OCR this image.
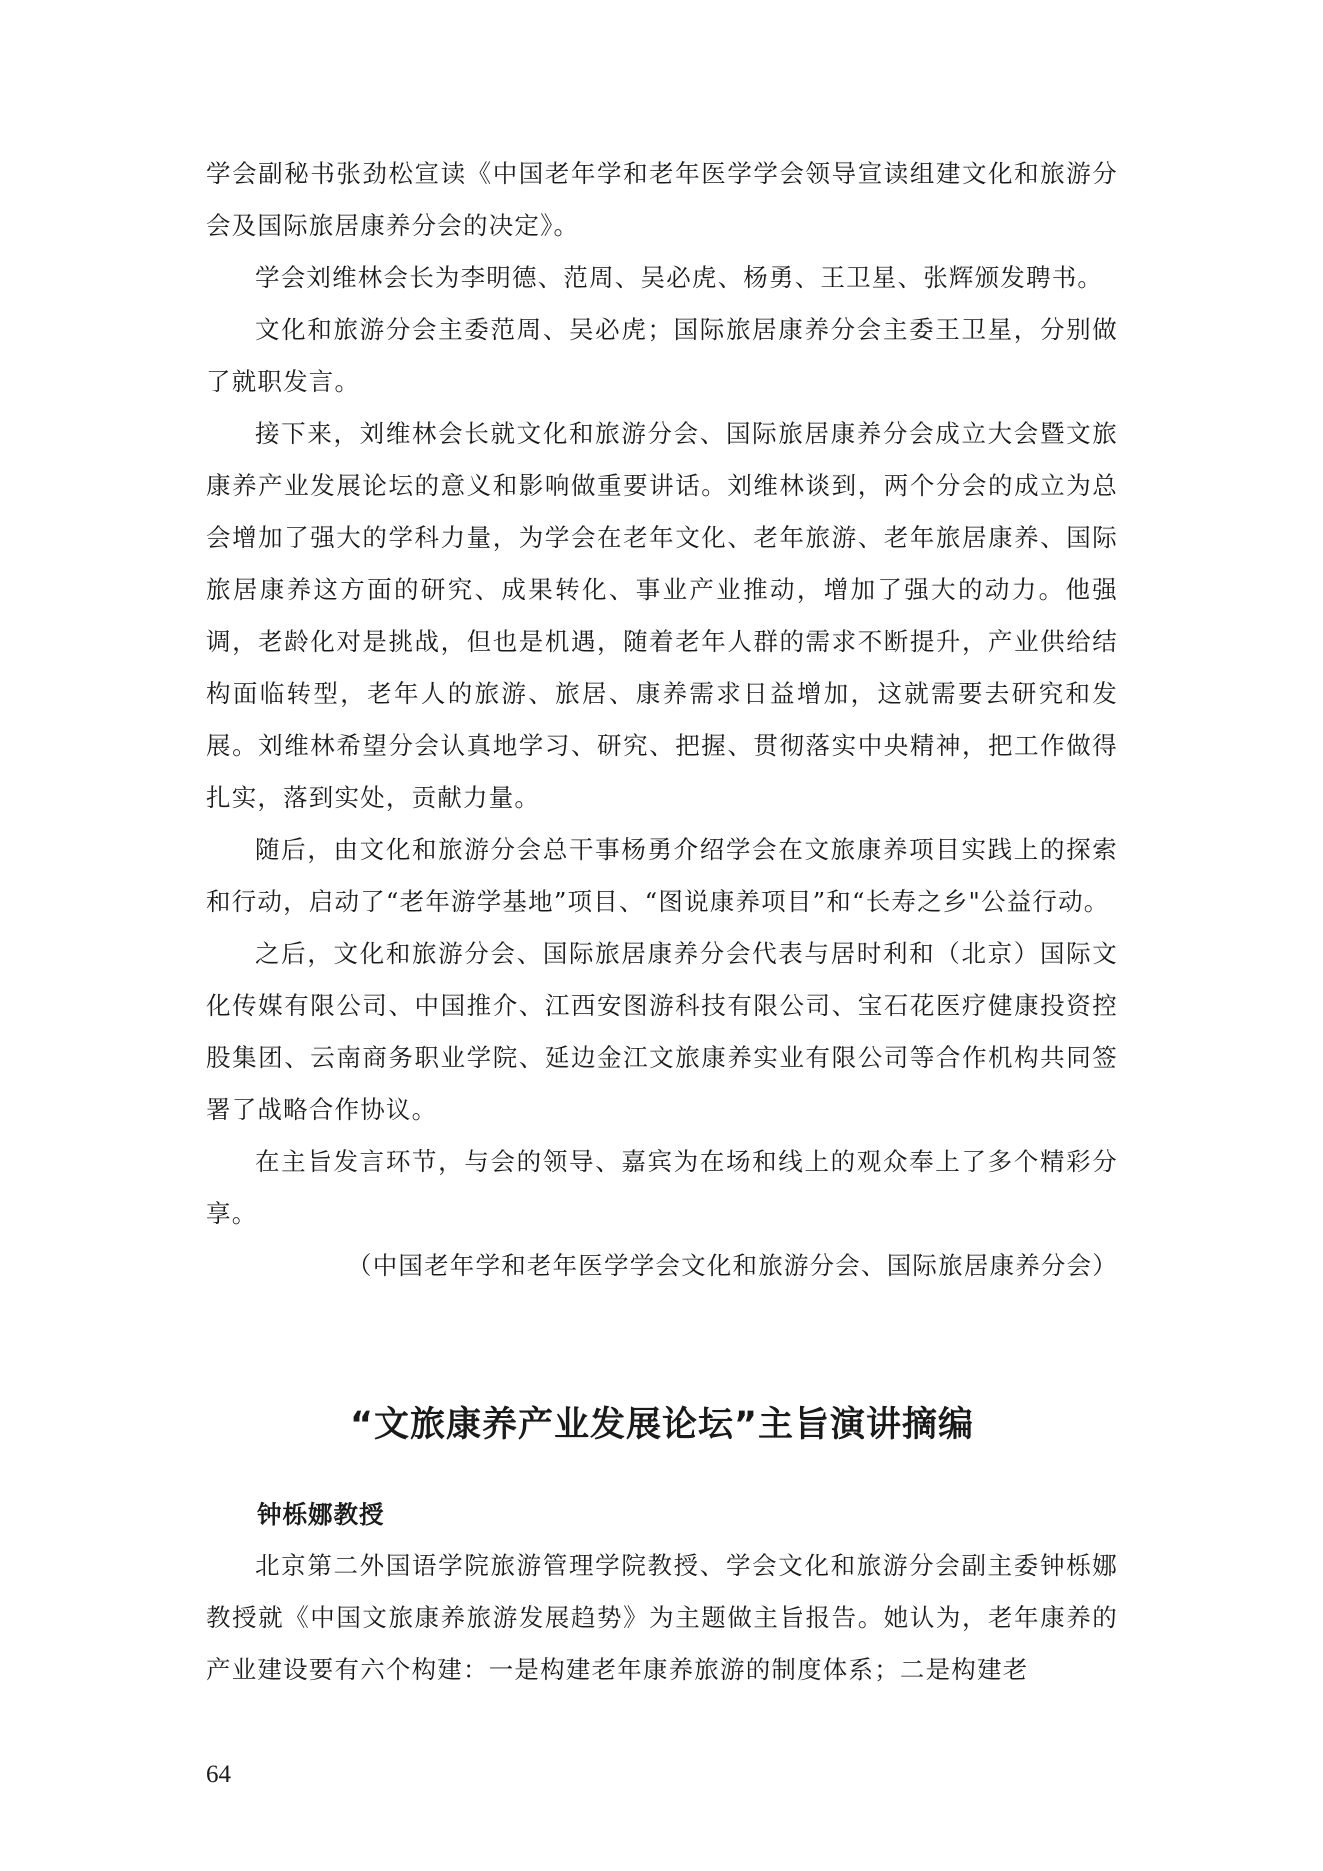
学会副秘书张劲松宣读《中国老年学和老年医学学会领导宣读组建文化和旅游分会及国际旅居康养分会的决定》。

学会刘维林会长为李明德、范周、吴必虎、杨勇、王卫星、张辉颁发聘书。

文化和旅游分会主委范周、吴必虎；国际旅居康养分会主委王卫星，分别做了就职发言。

接下来，刘维林会长就文化和旅游分会、国际旅居康养分会成立大会暨文旅康养产业发展论坛的意义和影响做重要讲话。刘维林谈到，两个分会的成立为总会增加了强大的学科力量，为学会在老年文化、老年旅游、老年旅居康养、国际旅居康养这方面的研究、成果转化、事业产业推动，增加了强大的动力。他强调，老龄化对是挑战，但也是机遇，随着老年人群的需求不断提升，产业供给结构面临转型，老年人的旅游、旅居、康养需求日益增加，这就需要去研究和发展。刘维林希望分会认真地学习、研究、把握、贯彻落实中央精神，把工作做得扎实，落到实处，贡献力量。

随后，由文化和旅游分会总干事杨勇介绍学会在文旅康养项目实践上的探索和行动，启动了“老年游学基地”项目、“图说康养项目”和“长寿之乡"公益行动。

之后，文化和旅游分会、国际旅居康养分会代表与居时利和（北京）国际文化传媒有限公司、中国推介、江西安图游科技有限公司、宝石花医疗健康投资控股集团、云南商务职业学院、延边金江文旅康养实业有限公司等合作机构共同签署了战略合作协议。

在主旨发言环节，与会的领导、嘉宾为在场和线上的观众奉上了多个精彩分享。

（中国老年学和老年医学学会文化和旅游分会、国际旅居康养分会）

“文旅康养产业发展论坛”主旨演讲摘编
钟栎娜教授

北京第二外国语学院旅游管理学院教授、学会文化和旅游分会副主委钟栎娜教授就《中国文旅康养旅游发展趋势》为主题做主旨报告。她认为，老年康养的产业建设要有六个构建：一是构建老年康养旅游的制度体系；二是构建老

64
